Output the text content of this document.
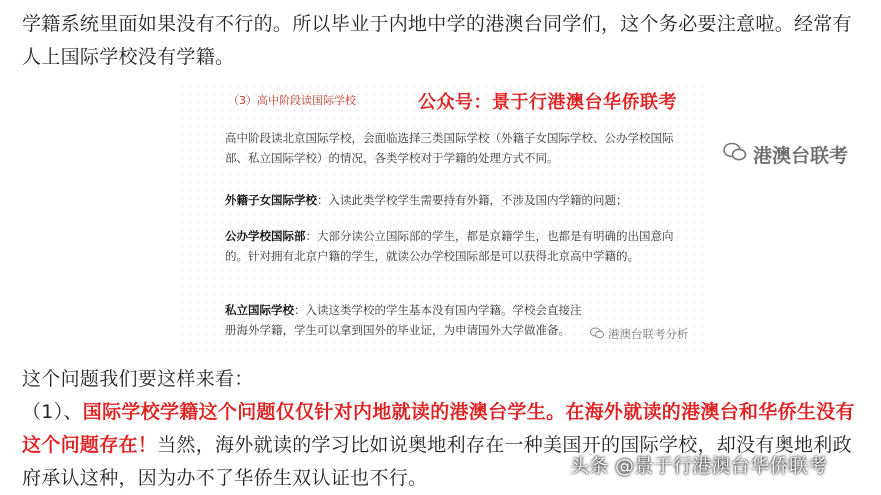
学籍系统里面如果没有不行的。所以毕业于内地中学的港澳台同学们，这个务必要注意啦。经常有人上国际学校没有学籍。
（3）高中阶段读国际学校	公众号：景于行港澳台华侨联考
高中阶段读北京国际学校，会面临选择三类国际学校（外籍子女国际学校、公办学校国际部、私立国际学校）的情况，各类学校对于学籍的处理方式不同。
外籍子女国际学校：入读此类学校学生需要持有外籍，不涉及国内学籍的问题；
公办学校国际部：大部分读公立国际部的学生，都是京籍学生，也都是有明确的出国意向的。针对拥有北京户籍的学生，就读公办学校国际部是可以获得北京高中学籍的。
私立国际学校：入读这类学校的学生基本没有国内学籍。学校会直接注册海外学籍，学生可以拿到国外的毕业证，为申请国外大学做准备。	港澳台联考分析
港澳台联考
这个问题我们要这样来看：
（1）、国际学校学籍这个问题仅仅针对内地就读的港澳台学生。在海外就读的港澳台和华侨生没有这个问题存在！当然，海外就读的学习比如说奥地利存在一种美国开的国际学校，却没有奥地利政府承认这种，因为办不了华侨生双认证也不行。
头条 @景于行港澳台华侨联考
